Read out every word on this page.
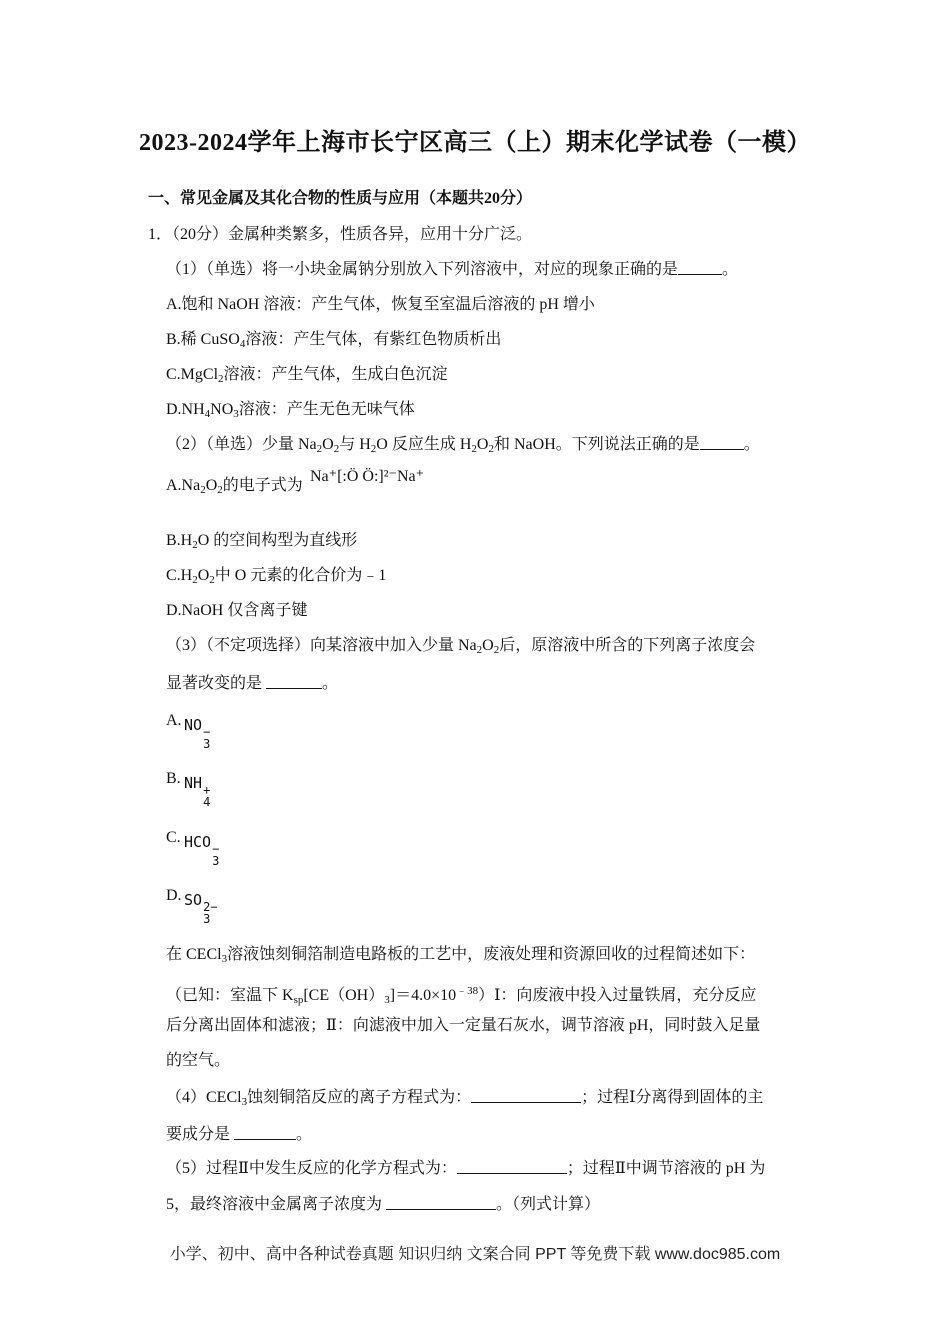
2023-2024学年上海市长宁区高三（上）期末化学试卷（一模）
一、常见金属及其化合物的性质与应用（本题共20分）
1．（20分）金属种类繁多，性质各异，应用十分广泛。
（1）（单选）将一小块金属钠分别放入下列溶液中，对应的现象正确的是	。
A.饱和 NaOH 溶液：产生气体，恢复至室温后溶液的 pH 增小
B.稀 CuSO$_4$溶液：产生气体，有紫红色物质析出
C.MgCl$_2$溶液：产生气体，生成白色沉淀
$D.NH_4NO_3$溶液：产生无色无味气体
（2）（单选）少量 $Na_2O_2$与 $H_2O$ 反应生成 $H_2O_2$和 NaOH。下列说法正确的是	。
$A.Na_2O_2$的电子式为
Na⁺[:Ö Ö:]²⁻Na⁺
$B.H_2O$ 的空间构型为直线形
$C.H_2O_2$中 O 元素的化合价为﹣1
D.NaOH 仅含离子键
（3）（不定项选择）向某溶液中加入少量 $Na_2O_2$后，原溶液中所含的下列离子浓度会
显著改变的是	。
A. NO −
3
B. NH +
4
C. HCO −
3
D. SO 2−
3
在 CECl$_3$溶液蚀刻铜箔制造电路板的工艺中，废液处理和资源回收的过程简述如下：
（已知：室温下 $K_{sp}[CE(OH)_3]=4.0\times 10^{﹣38})Ⅰ$：向废液中投入过量铁屑，充分反应
后分离出固体和滤液；Ⅱ：向滤液中加入一定量石灰水，调节溶液 pH，同时鼓入足量
的空气。
（4）CECl$_3$蚀刻铜箔反应的离子方程式为：	；过程Ⅰ分离得到固体的主
要成分是	。
（5）过程Ⅱ中发生反应的化学方程式为：	；过程Ⅱ中调节溶液的 pH 为
5，最终溶液中金属离子浓度为	。（列式计算）
小学、初中、高中各种试卷真题 知识归纳 文案合同 PPT 等免费下载 www.doc985.com
